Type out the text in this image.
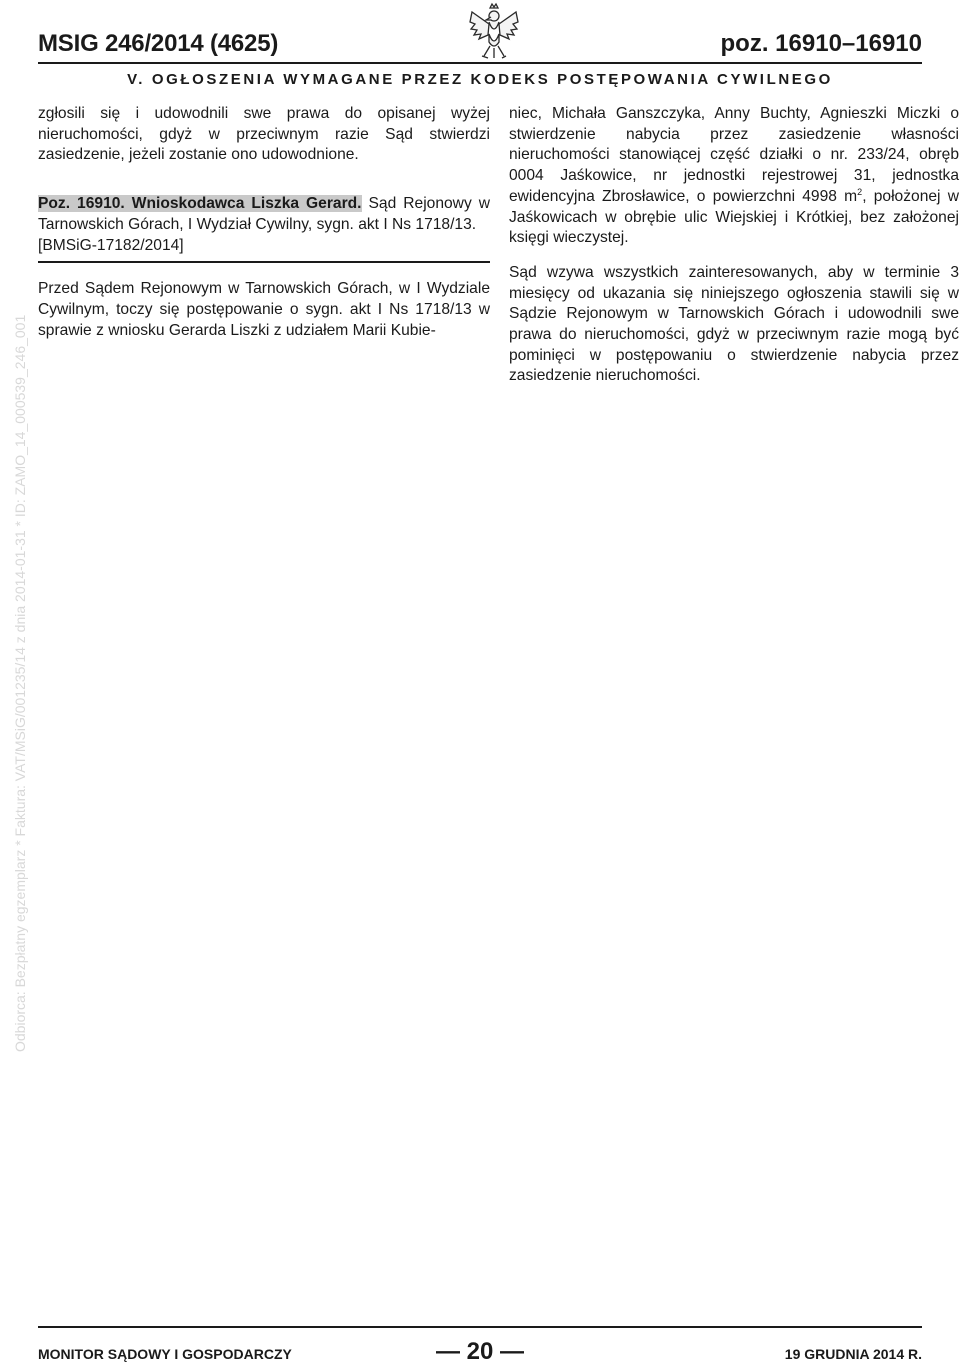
MSIG 246/2014 (4625)	poz. 16910–16910
V. OGŁOSZENIA WYMAGANE PRZEZ KODEKS POSTĘPOWANIA CYWILNEGO
Odbiorca: Bezpłatny egzemplarz * Faktura: VAT/MSiG/001235/14 z dnia 2014-01-31 * ID: ZAMO_14_000539_246_001

zgłosili się i udowodnili swe prawa do opisanej wyżej nieruchomości, gdyż w przeciwnym razie Sąd stwierdzi zasiedzenie, jeżeli zostanie ono udowodnione.

Poz. 16910. Wnioskodawca Liszka Gerard. Sąd Rejonowy w Tarnowskich Górach, I Wydział Cywilny, sygn. akt I Ns 1718/13.

[BMSiG-17182/2014]

Przed Sądem Rejonowym w Tarnowskich Górach, w I Wydziale Cywilnym, toczy się postępowanie o sygn. akt I Ns 1718/13 w sprawie z wniosku Gerarda Liszki z udziałem Marii Kubie-

niec, Michała Ganszczyka, Anny Buchty, Agnieszki Miczki o stwierdzenie nabycia przez zasiedzenie własności nieruchomości stanowiącej część działki o nr. 233/24, obręb 0004 Jaśkowice, nr jednostki rejestrowej 31, jednostka ewidencyjna Zbrosławice, o powierzchni 4998 $m^2$, położonej w Jaśkowicach w obrębie ulic Wiejskiej i Krótkiej, bez założonej księgi wieczystej.

Sąd wzywa wszystkich zainteresowanych, aby w terminie 3 miesięcy od ukazania się niniejszego ogłoszenia stawili się w Sądzie Rejonowym w Tarnowskich Górach i udowodnili swe prawa do nieruchomości, gdyż w przeciwnym razie mogą być pominięci w postępowaniu o stwierdzenie nabycia przez zasiedzenie nieruchomości.

MONITOR SĄDOWY I GOSPODARCZY	— 20 —	19 GRUDNIA 2014 R.
